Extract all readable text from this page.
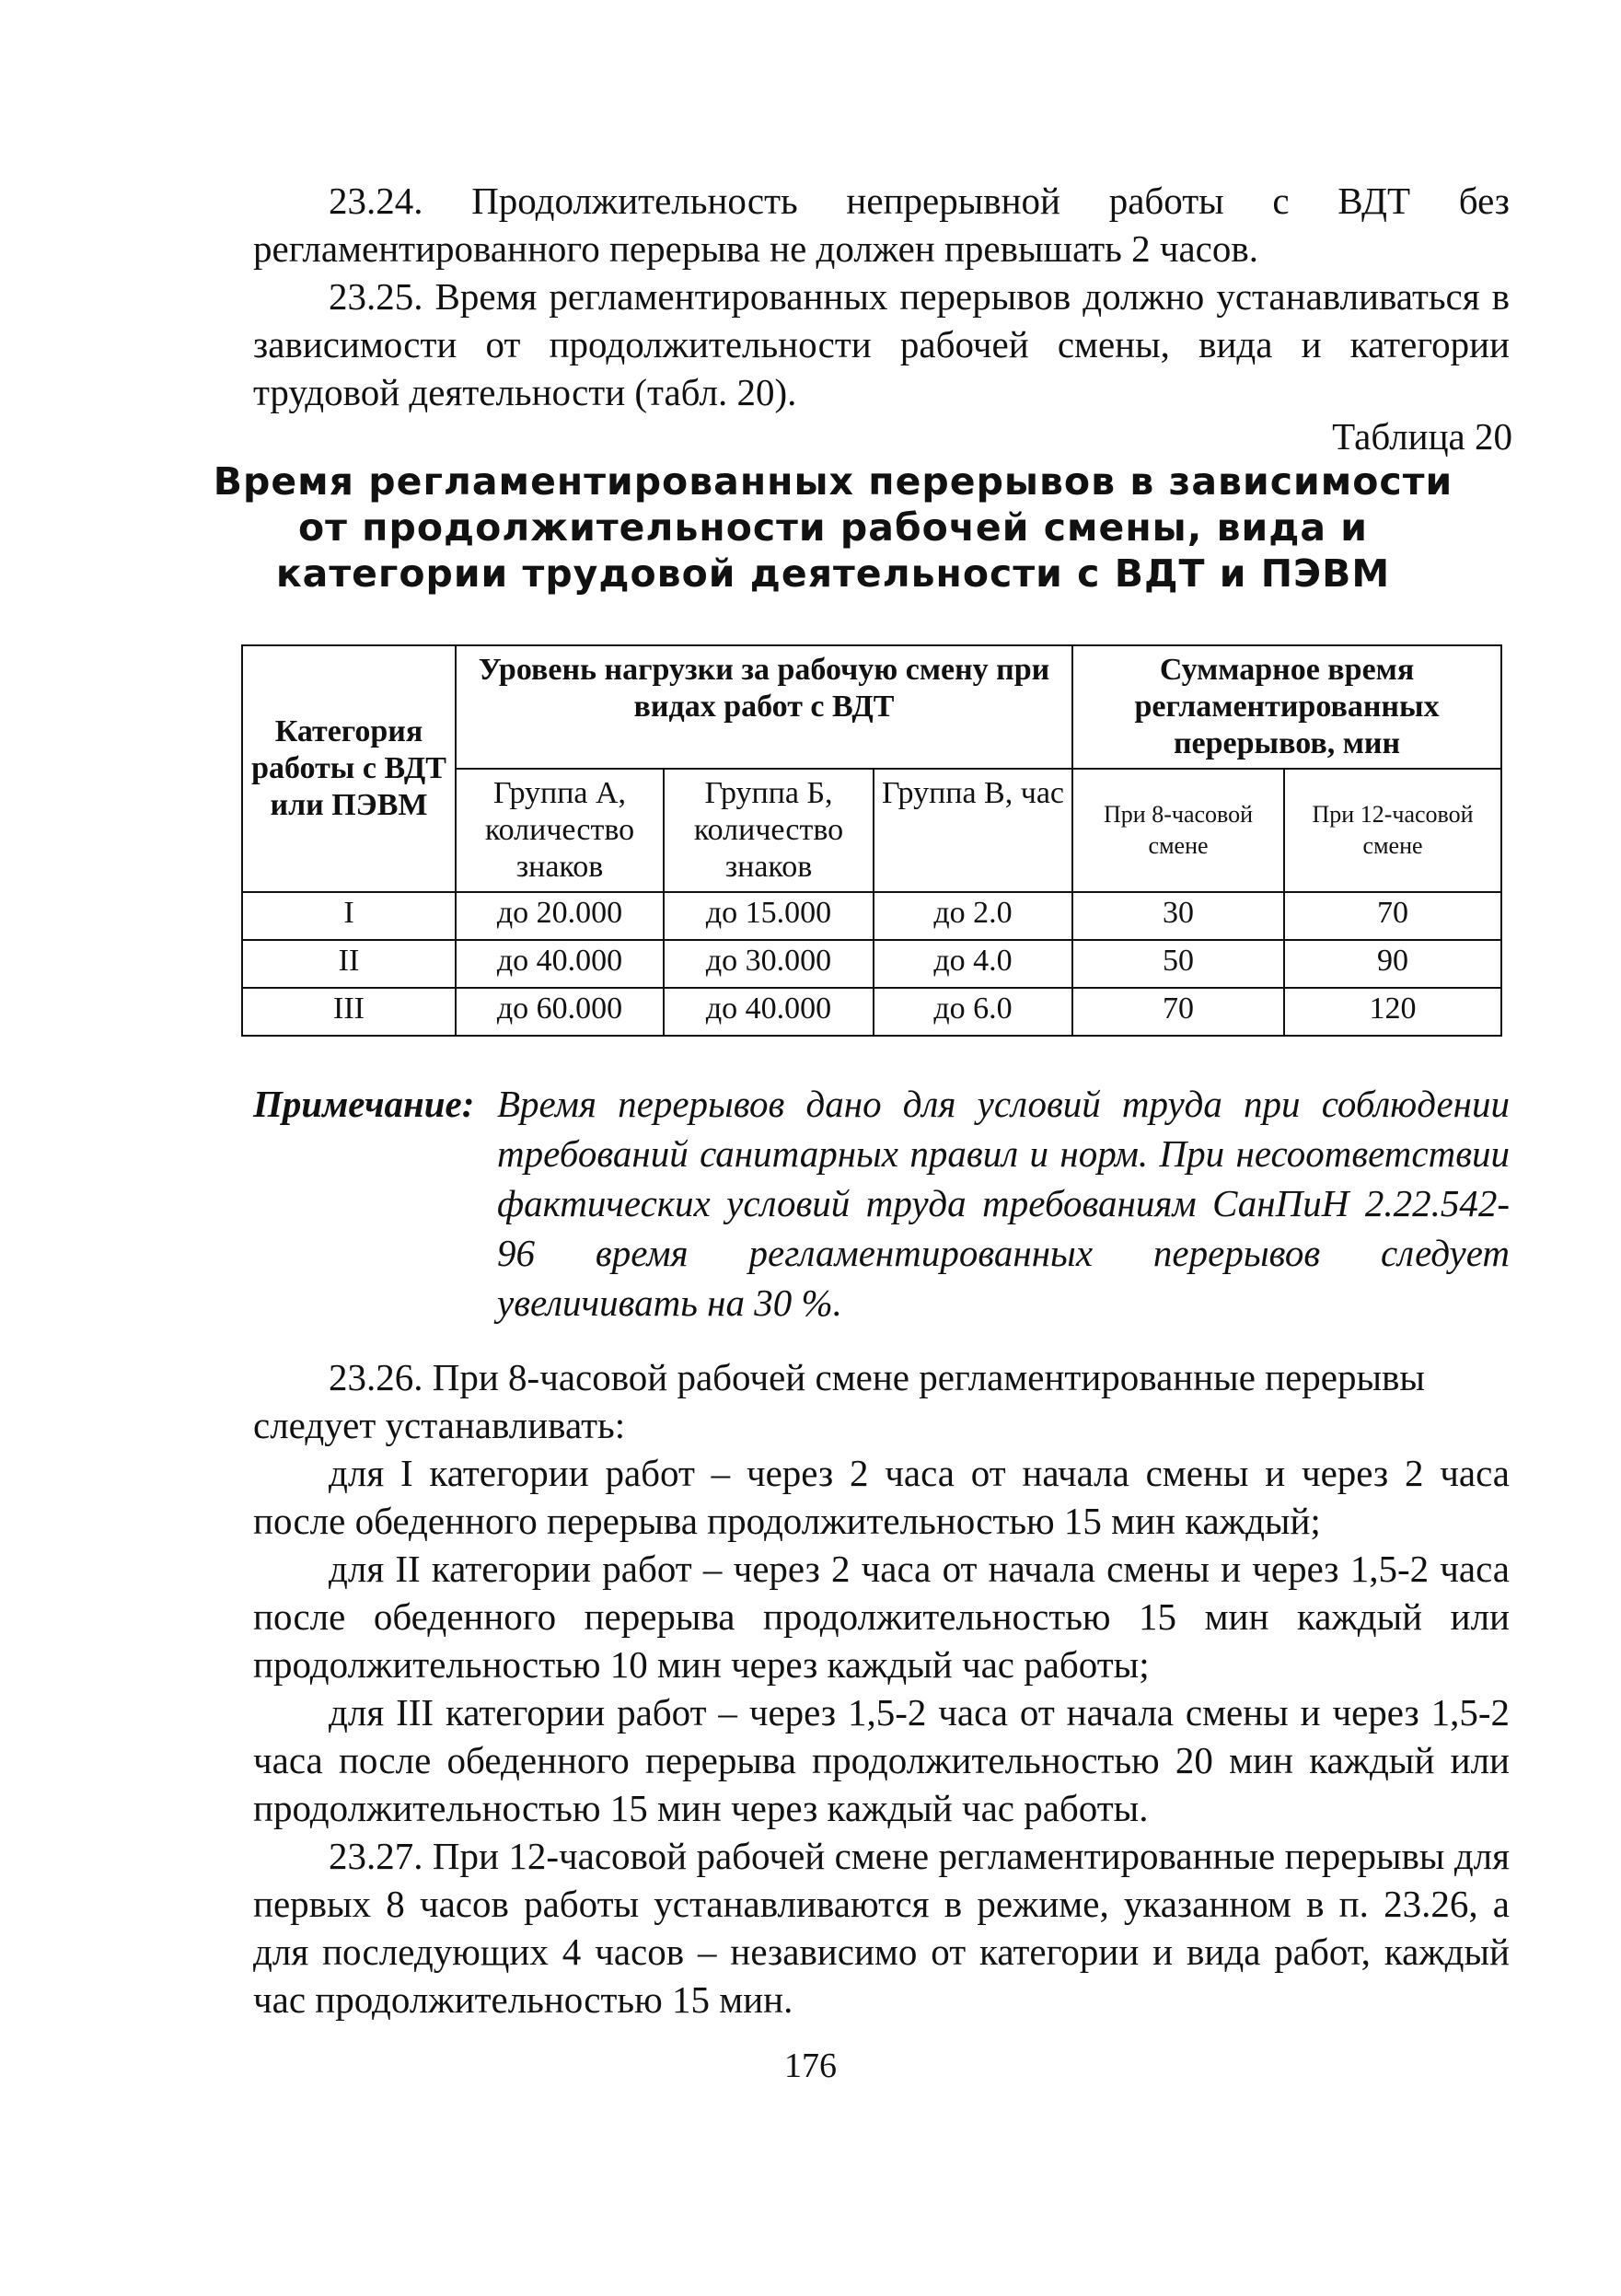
23.24. Продолжительность непрерывной работы с ВДТ без регламентированного перерыва не должен превышать 2 часов.

23.25. Время регламентированных перерывов должно устанавливаться в зависимости от продолжительности рабочей смены, вида и категории трудовой деятельности (табл. 20).

Таблица 20
Время регламентированных перерывов в зависимости
от продолжительности рабочей смены, вида и
категории трудовой деятельности с ВДТ и ПЭВМ
Категория работы с ВДТ или ПЭВМ	Уровень нагрузки за рабочую смену при видах работ с ВДТ			Суммарное время регламентированных перерывов, мин	
	Группа А, количество знаков	Группа Б, количество знаков	Группа В, час	При 8-часовой смене	При 12-часовой смене
I	до 20.000	до 15.000	до 2.0	30	70
II	до 40.000	до 30.000	до 4.0	50	90
III	до 60.000	до 40.000	до 6.0	70	120
Примечание: Время перерывов дано для условий труда при соблюдении требований санитарных правил и норм. При несоответствии фактических условий труда требованиям СанПиН 2.22.542-96 время регламентированных перерывов следует увеличивать на 30 %.

23.26. При 8-часовой рабочей смене регламентированные перерывы

следует устанавливать:

для I категории работ – через 2 часа от начала смены и через 2 часа после обеденного перерыва продолжительностью 15 мин каждый;

для II категории работ – через 2 часа от начала смены и через 1,5-2 часа после обеденного перерыва продолжительностью 15 мин каждый или продолжительностью 10 мин через каждый час работы;

для III категории работ – через 1,5-2 часа от начала смены и через 1,5-2 часа после обеденного перерыва продолжительностью 20 мин каждый или продолжительностью 15 мин через каждый час работы.

23.27. При 12-часовой рабочей смене регламентированные перерывы для первых 8 часов работы устанавливаются в режиме, указанном в п. 23.26, а для последующих 4 часов – независимо от категории и вида работ, каждый час продолжительностью 15 мин.

176
